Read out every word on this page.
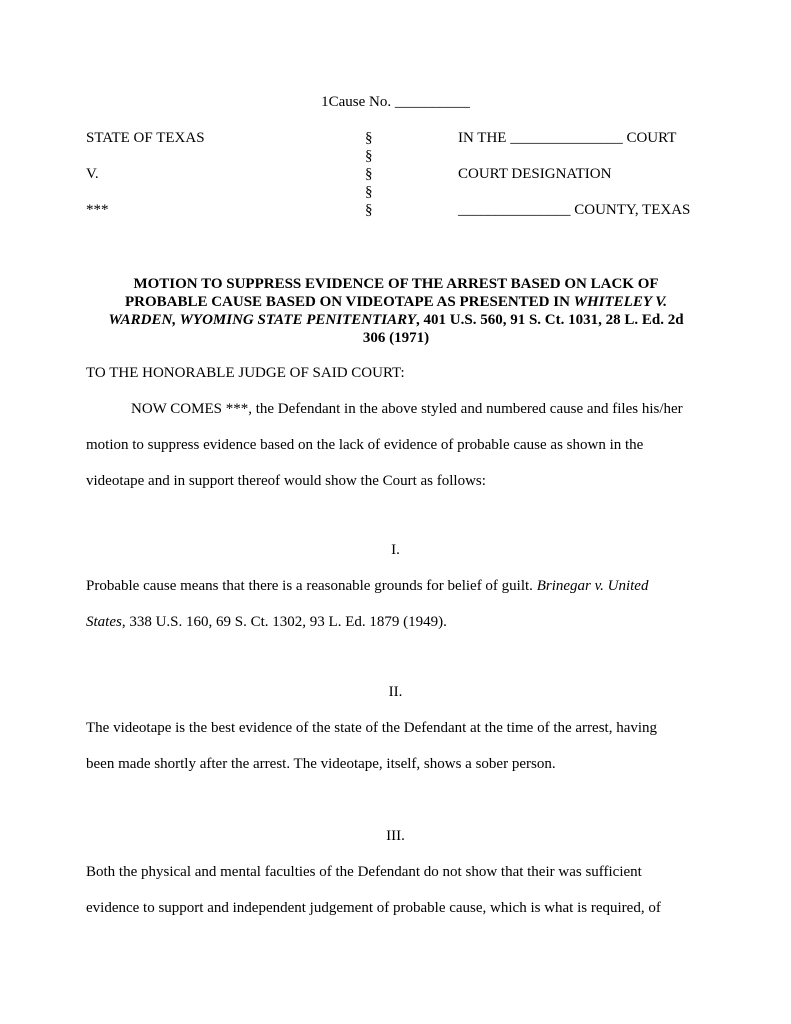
1Cause No. __________
STATE OF TEXAS	§	IN THE _______________ COURT
§
V.	§	COURT DESIGNATION
§
***	§	_______________ COUNTY, TEXAS
MOTION TO SUPPRESS EVIDENCE OF THE ARREST BASED ON LACK OF
PROBABLE CAUSE BASED ON VIDEOTAPE AS PRESENTED IN WHITELEY V.
WARDEN, WYOMING STATE PENITENTIARY, 401 U.S. 560, 91 S. Ct. 1031, 28 L. Ed. 2d
306 (1971)
TO THE HONORABLE JUDGE OF SAID COURT:
NOW COMES ***, the Defendant in the above styled and numbered cause and files his/her
motion to suppress evidence based on the lack of evidence of probable cause as shown in the
videotape and in support thereof would show the Court as follows:
I.
Probable cause means that there is a reasonable grounds for belief of guilt. Brinegar v. United
States, 338 U.S. 160, 69 S. Ct. 1302, 93 L. Ed. 1879 (1949).
II.
The videotape is the best evidence of the state of the Defendant at the time of the arrest, having
been made shortly after the arrest. The videotape, itself, shows a sober person.
III.
Both the physical and mental faculties of the Defendant do not show that their was sufficient
evidence to support and independent judgement of probable cause, which is what is required, of
